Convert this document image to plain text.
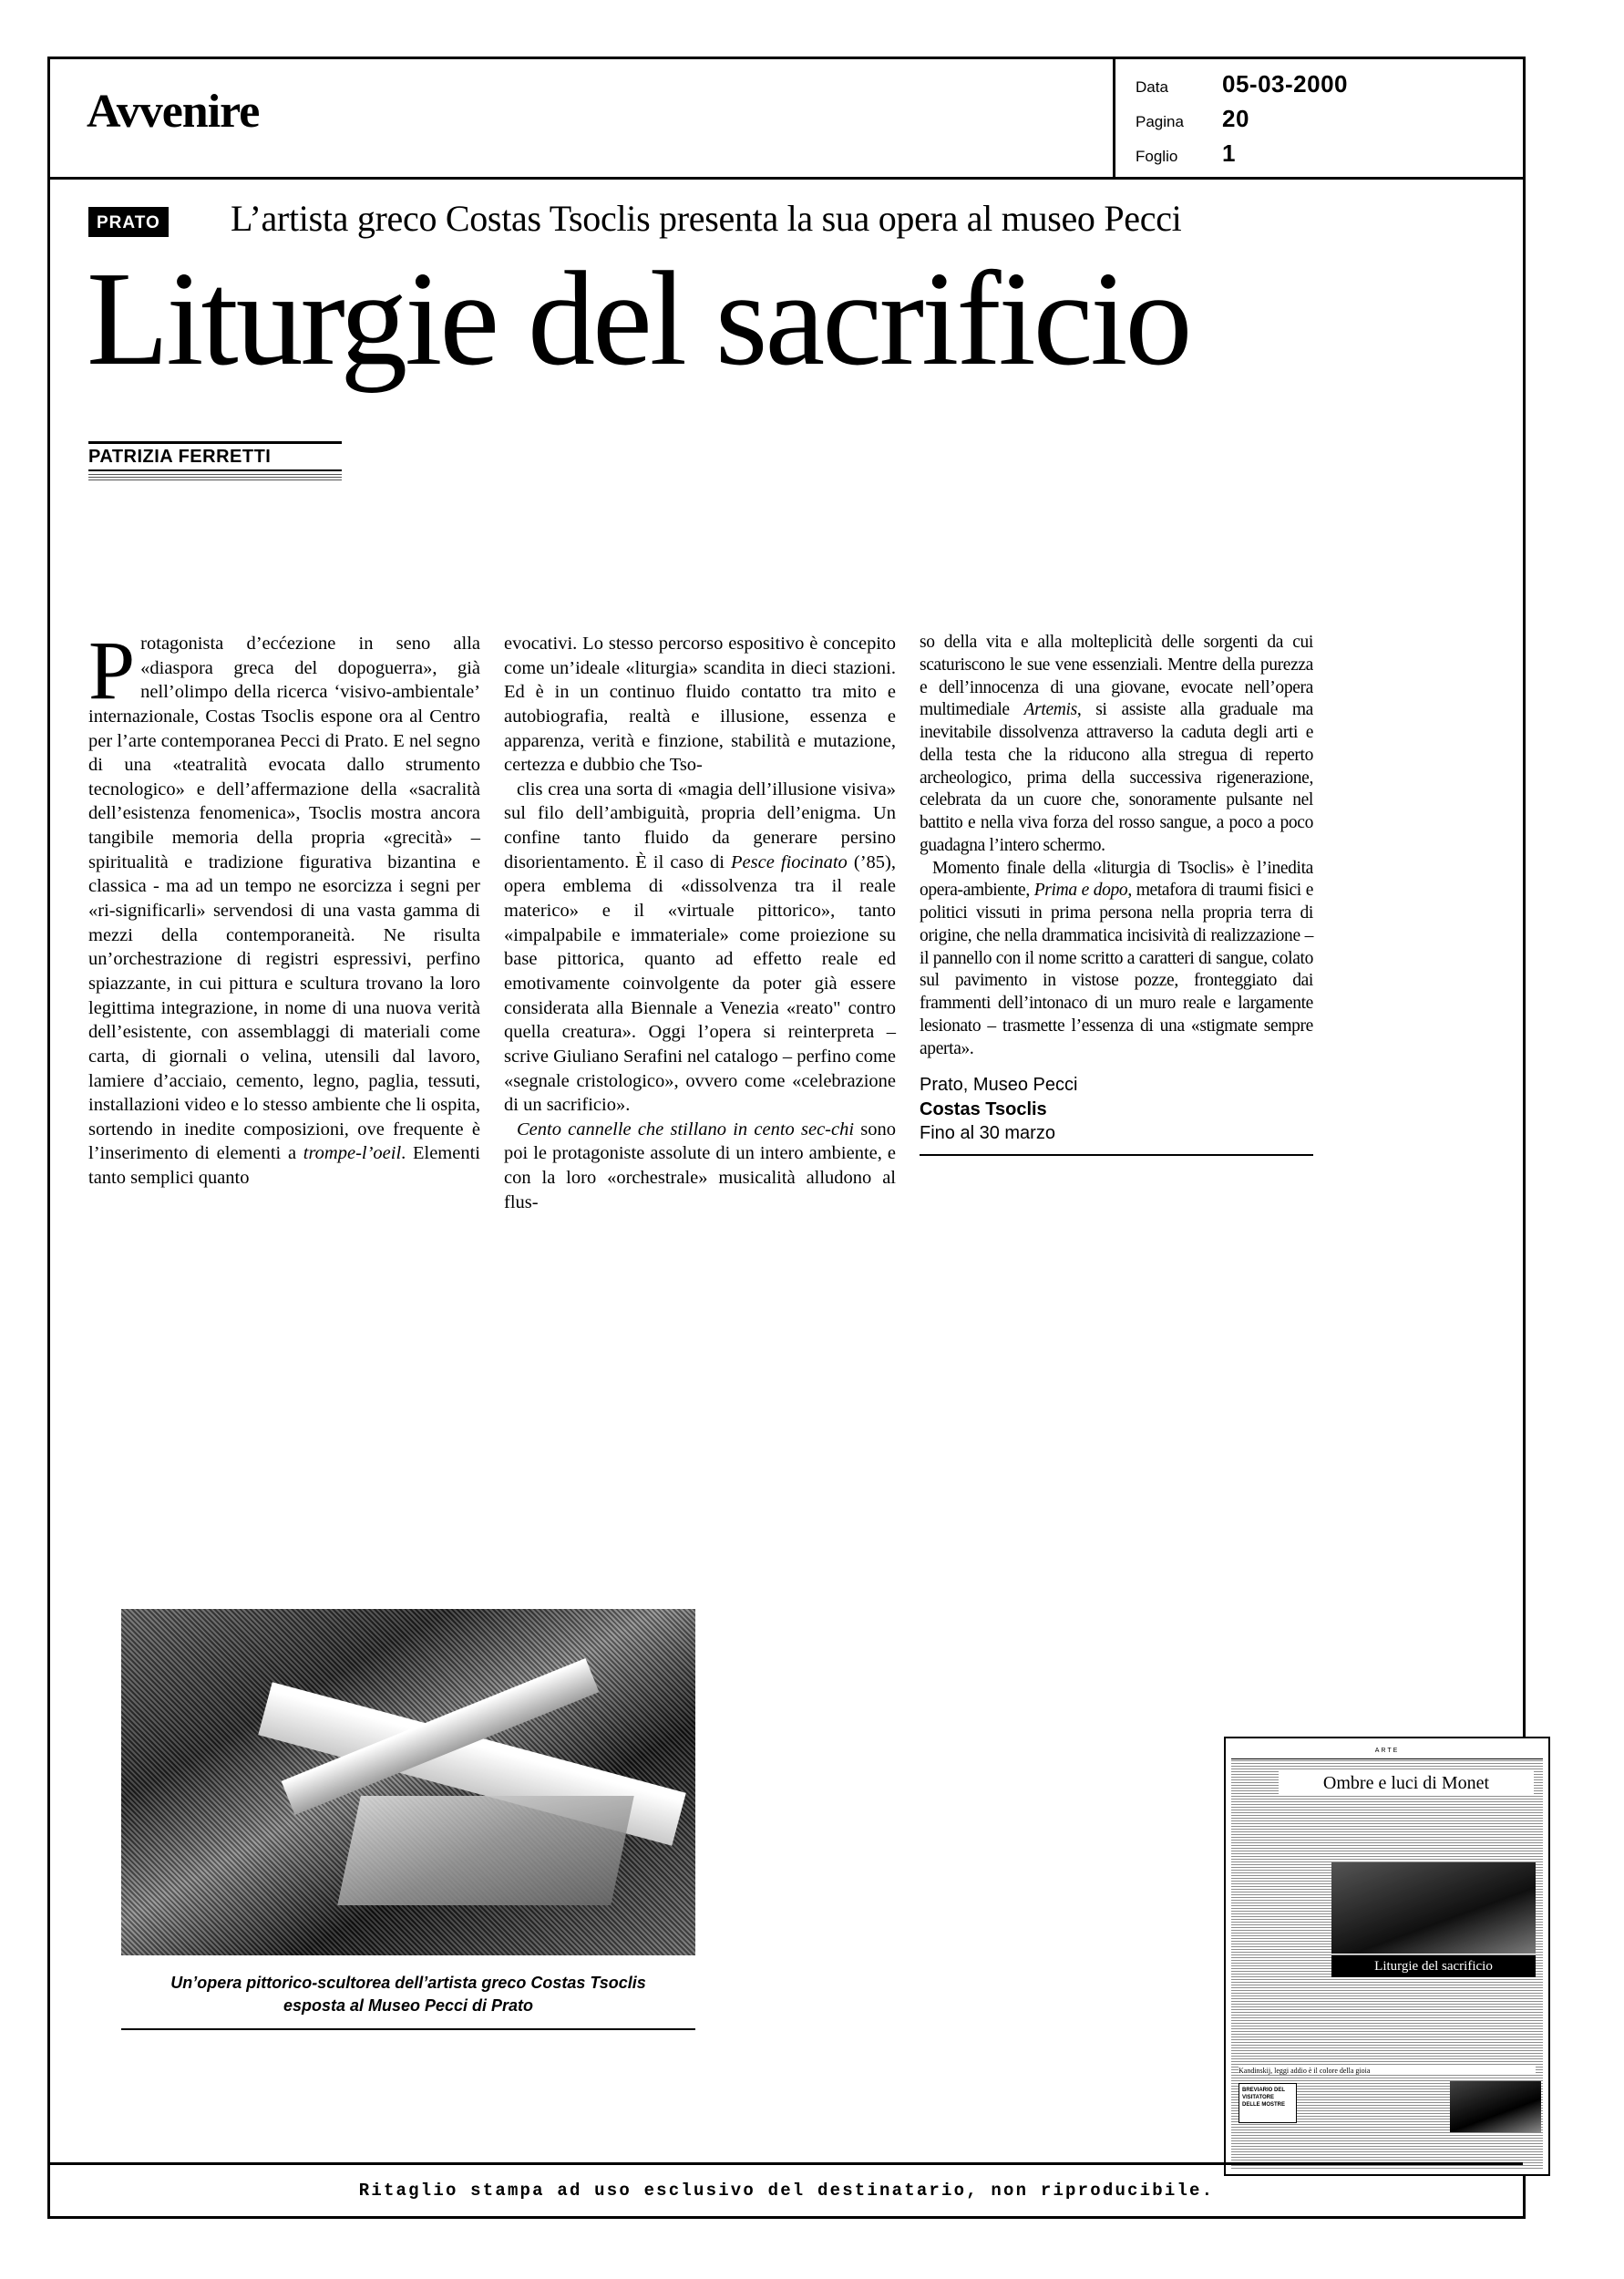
Avvenire	Data	05-03-2000
Pagina	20
Foglio	1
PRATO L’artista greco Costas Tsoclis presenta la sua opera al museo Pecci
Liturgie del sacrificio
PATRIZIA FERRETTI

Protagonista d’ecćezione in seno alla «diaspora greca del dopoguerra», già nell’olimpo della ricerca ‘visivo-ambientale’ internazionale, Costas Tsoclis espone ora al Centro per l’arte contemporanea Pecci di Prato. E nel segno di una «teatralità evocata dallo strumento tecnologico» e dell’affermazione della «sacralità dell’esistenza fenomenica», Tsoclis mostra ancora tangibile memoria della propria «grecità» – spiritualità e tradizione figurativa bizantina e classica - ma ad un tempo ne esorcizza i segni per «ri-significarli» servendosi di una vasta gamma di mezzi della contemporaneità. Ne risulta un’orchestrazione di registri espressivi, perfino spiazzante, in cui pittura e scultura trovano la loro legittima integrazione, in nome di una nuova verità dell’esistente, con assemblaggi di materiali come carta, di giornali o velina, utensili dal lavoro, lamiere d’acciaio, cemento, legno, paglia, tessuti, installazioni video e lo stesso ambiente che li ospita, sortendo in inedite composizioni, ove frequente è l’inserimento di elementi a trompe-l’oeil. Elementi tanto semplici quanto

evocativi. Lo stesso percorso espositivo è concepito come un’ideale «liturgia» scandita in dieci stazioni. Ed è in un continuo fluido contatto tra mito e autobiografia, realtà e illusione, essenza e apparenza, verità e finzione, stabilità e mutazione, certezza e dubbio che Tso-

clis crea una sorta di «magia dell’illusione visiva» sul filo dell’ambiguità, propria dell’enigma. Un confine tanto fluido da generare persino disorientamento. È il caso di Pesce fiocinato (’85), opera emblema di «dissolvenza tra il reale materico» e il «virtuale pittorico», tanto «impalpabile e immateriale» come proiezione su base pittorica, quanto ad effetto reale ed emotivamente coinvolgente da poter già essere considerata alla Biennale a Venezia «reato" contro quella creatura». Oggi l’opera si reinterpreta – scrive Giuliano Serafini nel catalogo – perfino come «segnale cristologico», ovvero come «celebrazione di un sacrificio».

Cento cannelle che stillano in cento sec-chi sono poi le protagoniste assolute di un intero ambiente, e con la loro «orchestrale» musicalità alludono al flus-

so della vita e alla molteplicità delle sorgenti da cui scaturiscono le sue vene essenziali. Mentre della purezza e dell’innocenza di una giovane, evocate nell’opera multimediale Artemis, si assiste alla graduale ma inevitabile dissolvenza attraverso la caduta degli arti e della testa che la riducono alla stregua di reperto archeologico, prima della successiva rigenerazione, celebrata da un cuore che, sonoramente pulsante nel battito e nella viva forza del rosso sangue, a poco a poco guadagna l’intero schermo.

Momento finale della «liturgia di Tsoclis» è l’inedita opera-ambiente, Prima e dopo, metafora di traumi fisici e politici vissuti in prima persona nella propria terra di origine, che nella drammatica incisività di realizzazione – il pannello con il nome scritto a caratteri di sangue, colato sul pavimento in vistose pozze, fronteggiato dai frammenti dell’intonaco di un muro reale e largamente lesionato – trasmette l’essenza di una «stigmate sempre aperta».

Prato, Museo Pecci
Costas Tsoclis
Fino al 30 marzo
Un’opera pittorico-scultorea dell’artista greco Costas Tsoclis
esposta al Museo Pecci di Prato
ARTE
Ombre e luci di Monet
Liturgie del sacrificio
Kandinskij, leggi addio è il colore della gioia
BREVIARIO DEL VISITATORE DELLE MOSTRE
Ritaglio stampa ad uso esclusivo del destinatario, non riproducibile.
